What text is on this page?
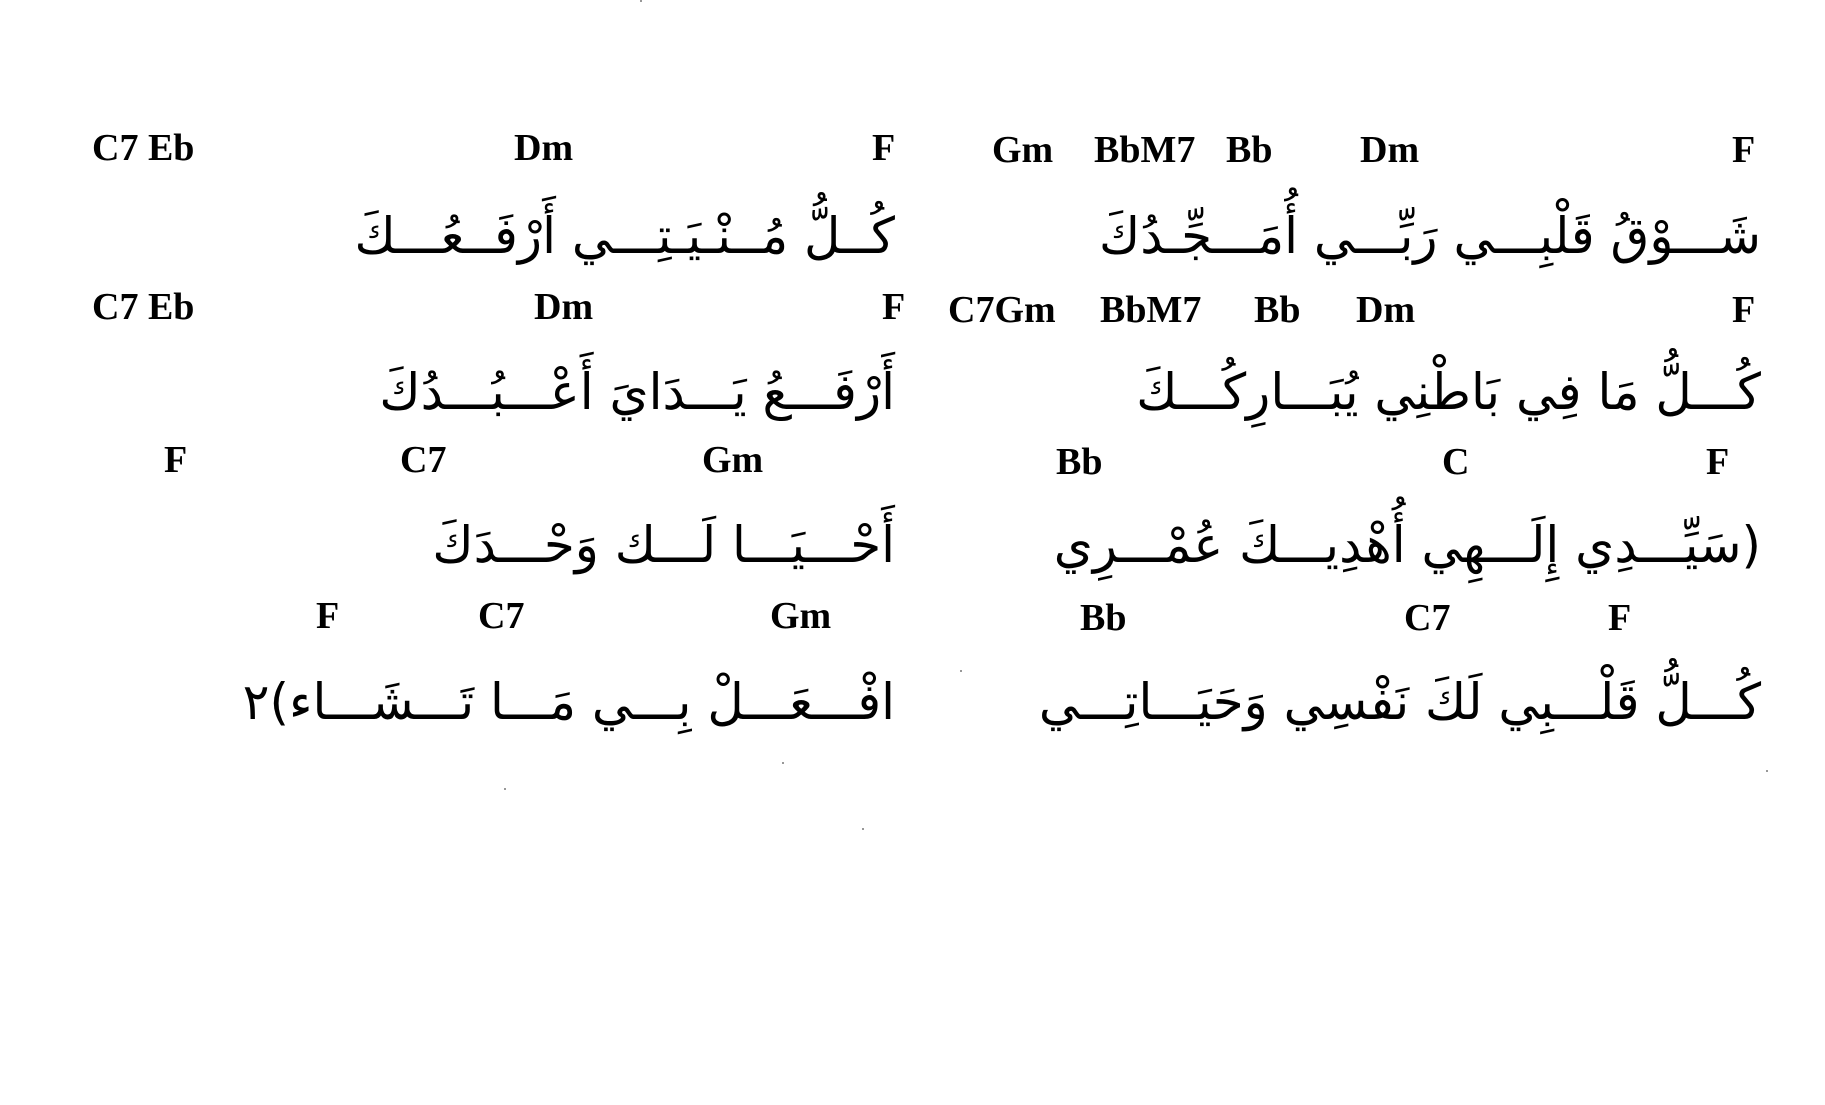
C7 Eb	Dm	F	Gm BbM7 Bb Dm	F
كُــلُّ مُــنْـيَـتِـــي أَرْفَــعُـــكَ	شَـــوْقُ قَلْبِـــي رَبِّـــي أُمَـــجِّـدُكَ
C7 Eb	Dm	F C7Gm BbM7 Bb Dm	F
أَرْفَـــعُ يَـــدَايَ أَعْـــبُـــدُكَ	كُـــلُّ مَا فِي بَاطْنِي يُبَـــارِكُـــكَ
F	C7	Gm	Bb	C	F
أَحْـــيَـــا لَـــك وَحْـــدَكَ	(سَيِّـــدِي إِلَـــهِي أُهْدِيـــكَ عُمْـــرِي
F	C7	Gm	Bb	C7	F
افْـــعَـــلْ بِـــي مَـــا تَـــشَـــاء)٢	كُـــلُّ قَلْـــبِي لَكَ نَفْسِي وَحَيَـــاتِـــي
